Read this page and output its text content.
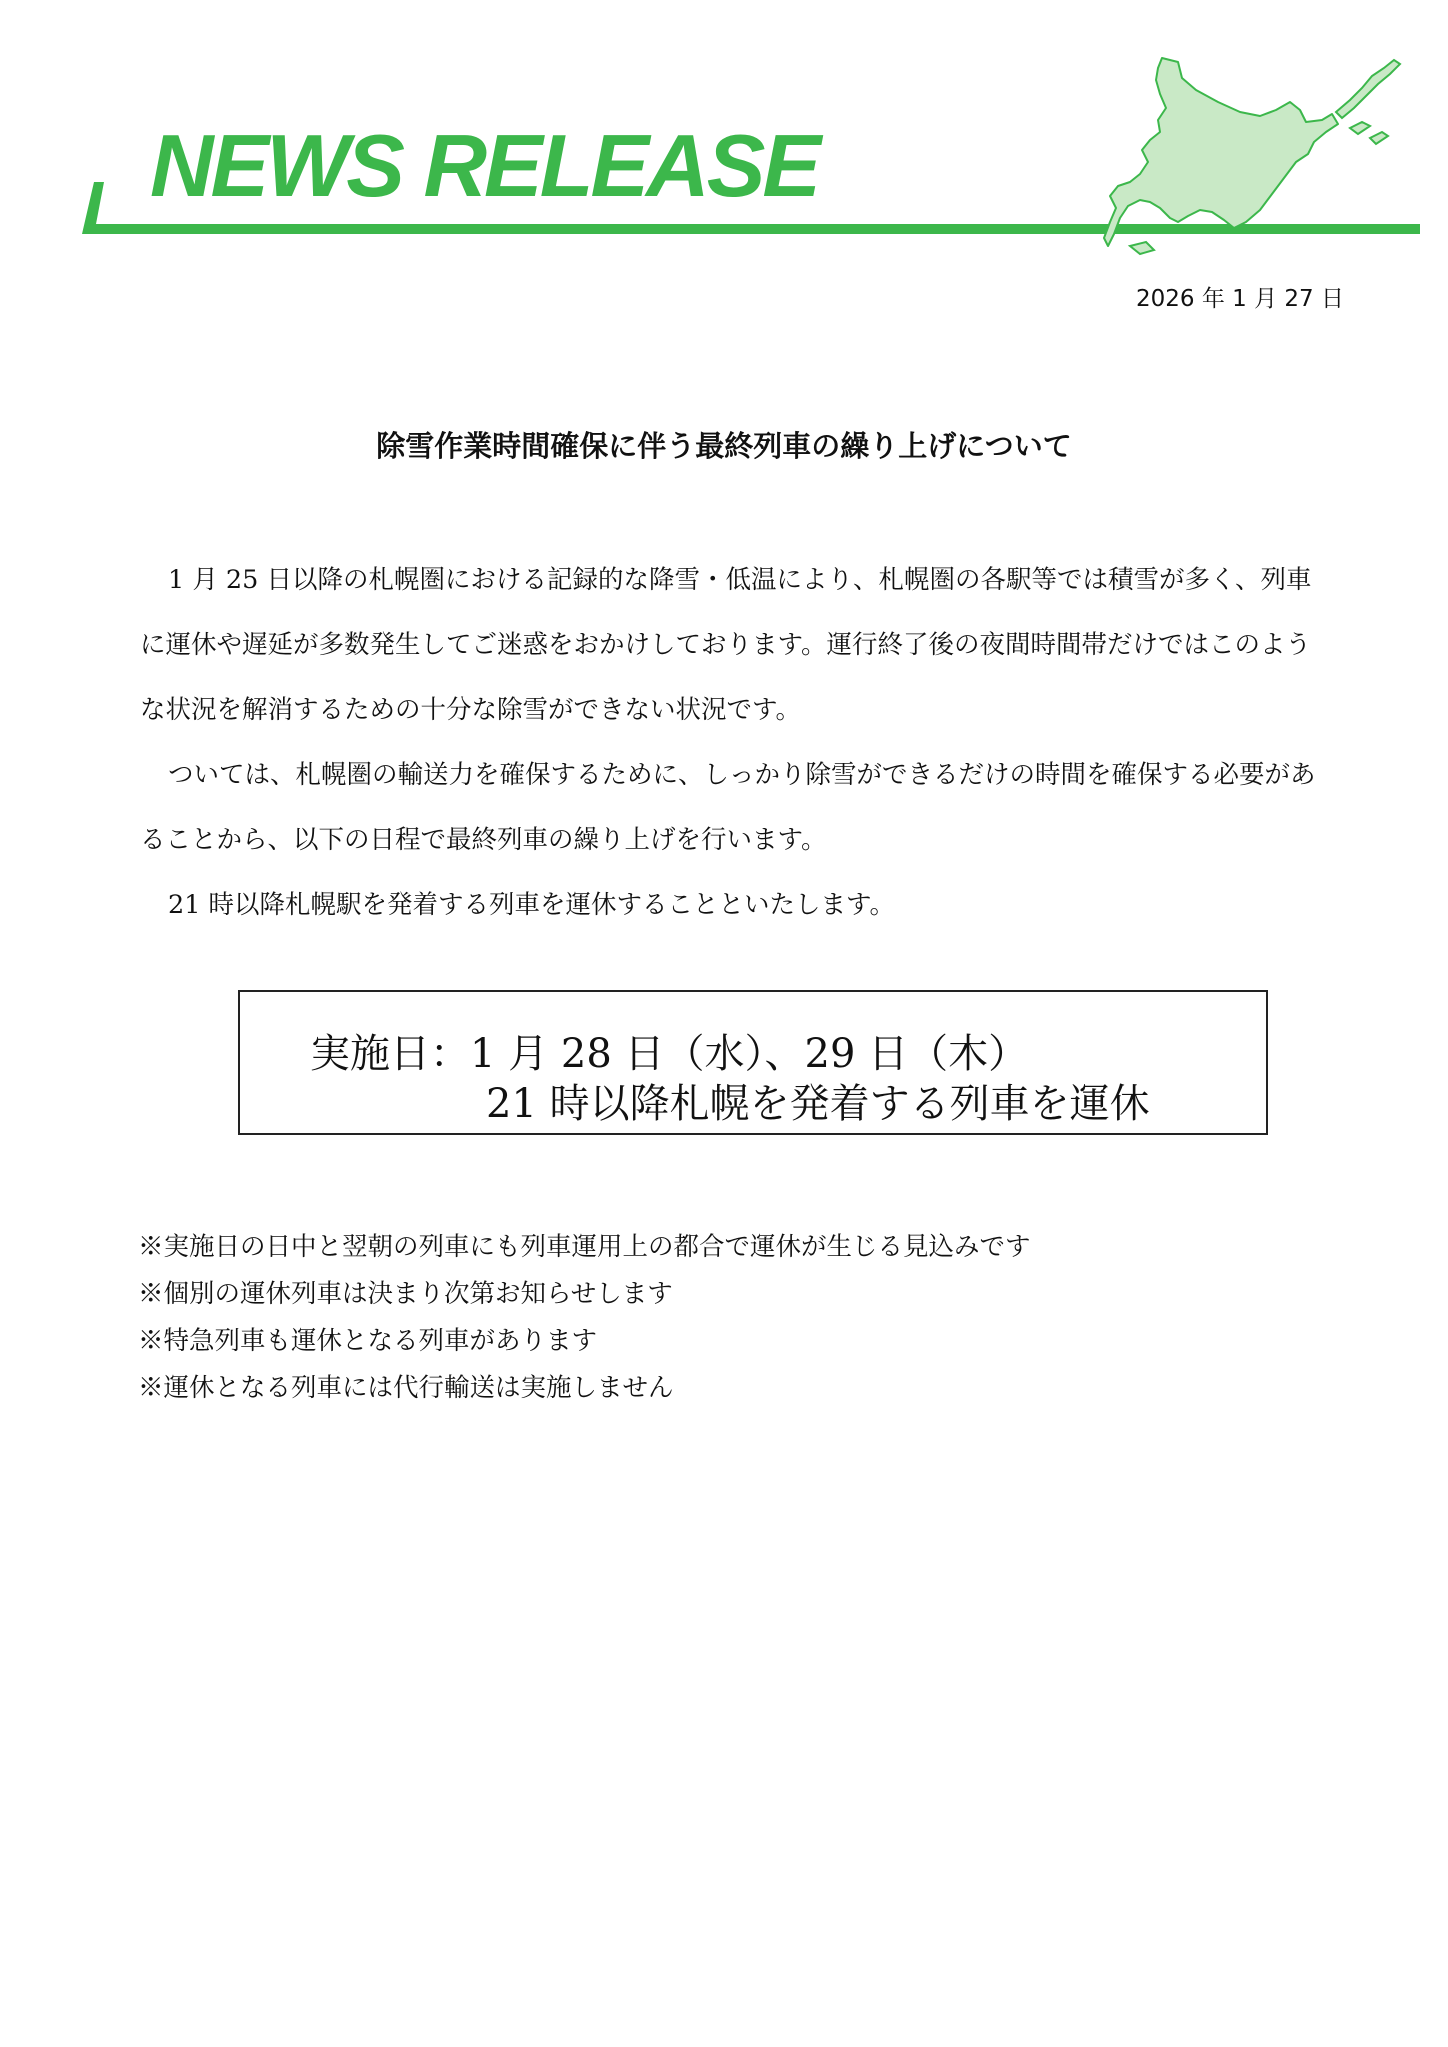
NEWS RELEASE
2026 年 1 月 27 日
除雪作業時間確保に伴う最終列車の繰り上げについて

1 月 25 日以降の札幌圏における記録的な降雪・低温により、札幌圏の各駅等では積雪が多く、列車に運休や遅延が多数発生してご迷惑をおかけしております。運行終了後の夜間時間帯だけではこのような状況を解消するための十分な除雪ができない状況です。

ついては、札幌圏の輸送力を確保するために、しっかり除雪ができるだけの時間を確保する必要があることから、以下の日程で最終列車の繰り上げを行います。

21 時以降札幌駅を発着する列車を運休することといたします。

実施日：1 月 28 日（水）、29 日（木）
21 時以降札幌を発着する列車を運休
※実施日の日中と翌朝の列車にも列車運用上の都合で運休が生じる見込みです
※個別の運休列車は決まり次第お知らせします
※特急列車も運休となる列車があります
※運休となる列車には代行輸送は実施しません
